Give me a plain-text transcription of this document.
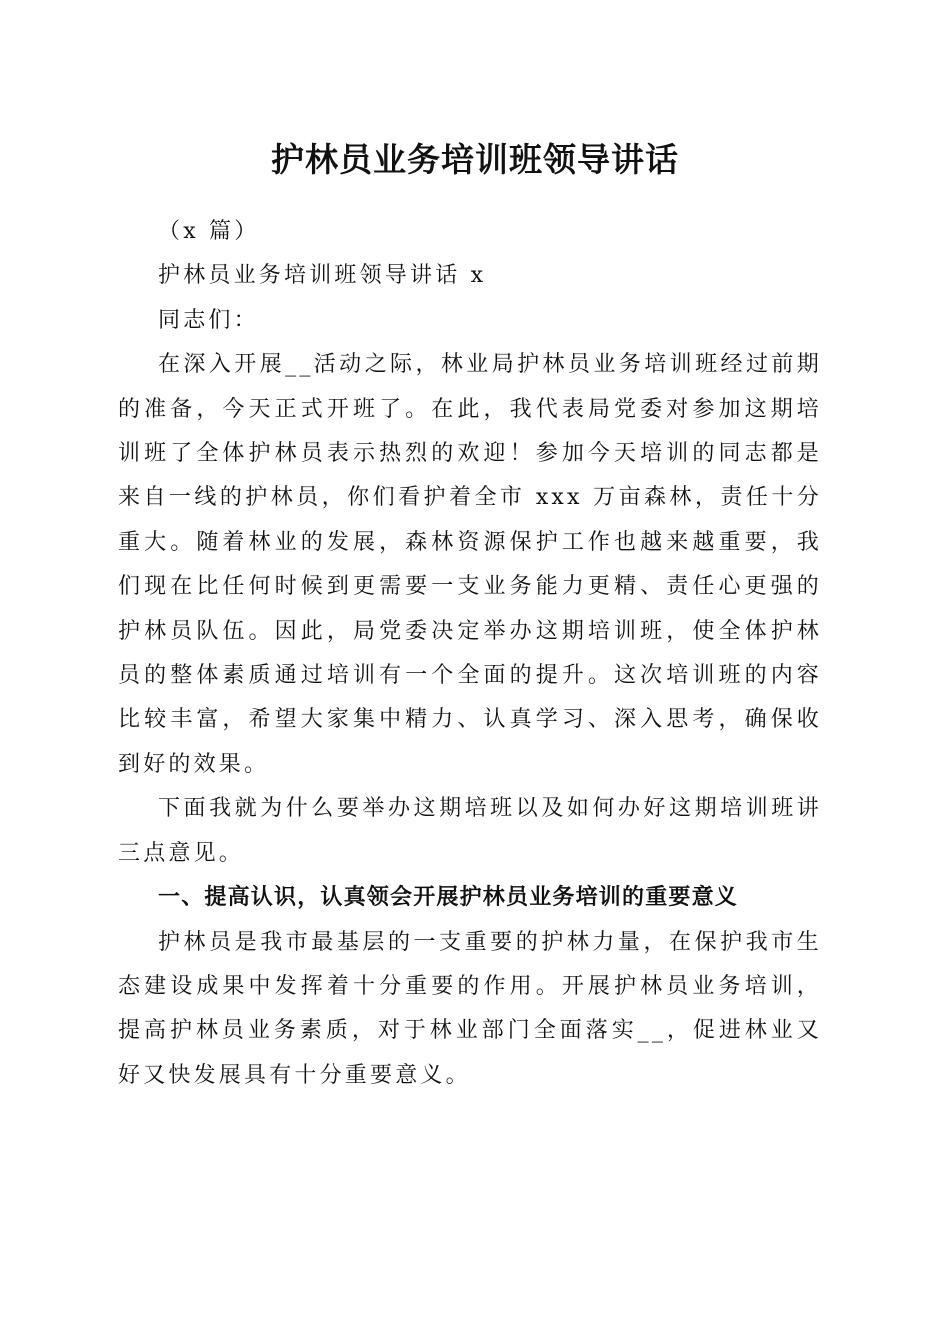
护林员业务培训班领导讲话

（x 篇）

护林员业务培训班领导讲话 x

同志们：

在深入开展__活动之际，林业局护林员业务培训班经过前期的准备，今天正式开班了。在此，我代表局党委对参加这期培训班了全体护林员表示热烈的欢迎！参加今天培训的同志都是来自一线的护林员，你们看护着全市 xxx 万亩森林，责任十分重大。随着林业的发展，森林资源保护工作也越来越重要，我们现在比任何时候到更需要一支业务能力更精、责任心更强的护林员队伍。因此，局党委决定举办这期培训班，使全体护林员的整体素质通过培训有一个全面的提升。这次培训班的内容比较丰富，希望大家集中精力、认真学习、深入思考，确保收到好的效果。

下面我就为什么要举办这期培班以及如何办好这期培训班讲三点意见。

一、提高认识，认真领会开展护林员业务培训的重要意义

护林员是我市最基层的一支重要的护林力量，在保护我市生态建设成果中发挥着十分重要的作用。开展护林员业务培训，提高护林员业务素质，对于林业部门全面落实__，促进林业又好又快发展具有十分重要意义。
